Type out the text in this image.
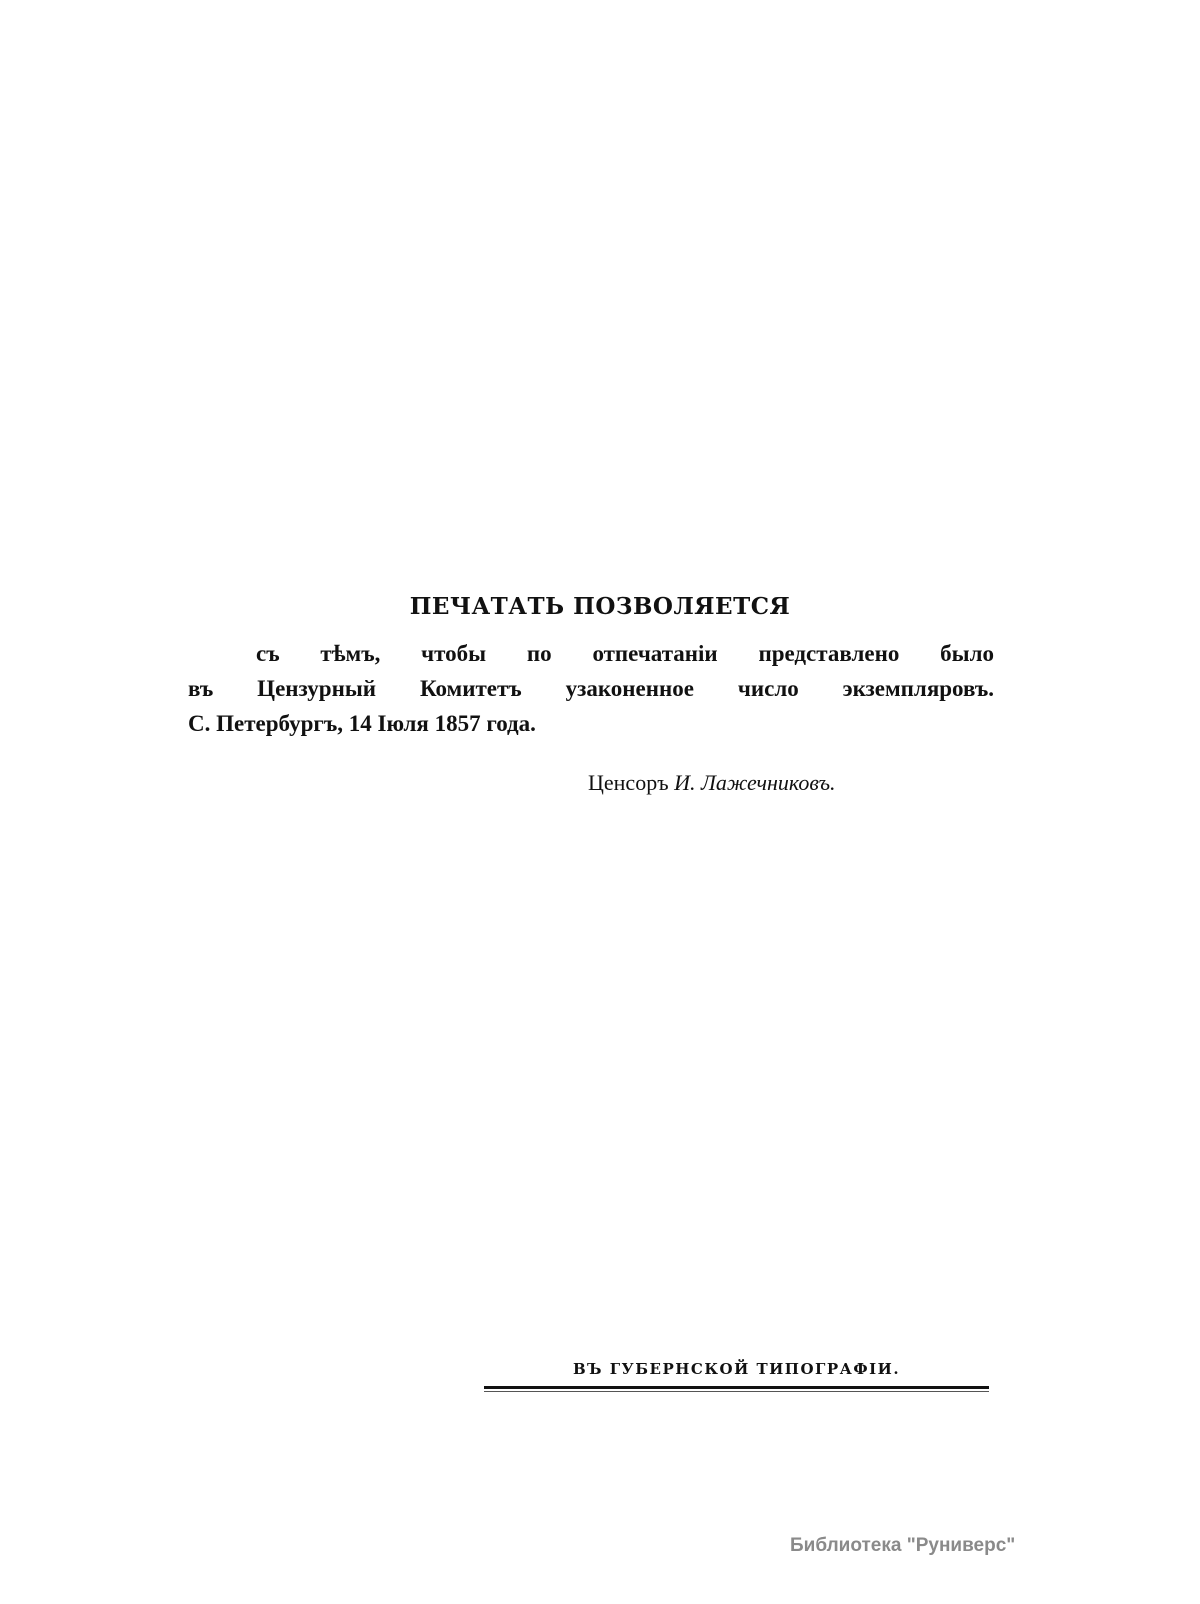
ПЕЧАТАТЬ ПОЗВОЛЯЕТСЯ

съ тѣмъ, чтобы по отпечатаніи представлено было
въ Цензурный Комитетъ узаконенное число экземпляровъ.
С. Петербургъ, 14 Іюля 1857 года.

Ценсоръ И. Лажечниковъ.
ВЪ ГУБЕРНСКОЙ ТИПОГРАФІИ.
Библиотека "Руниверс"
